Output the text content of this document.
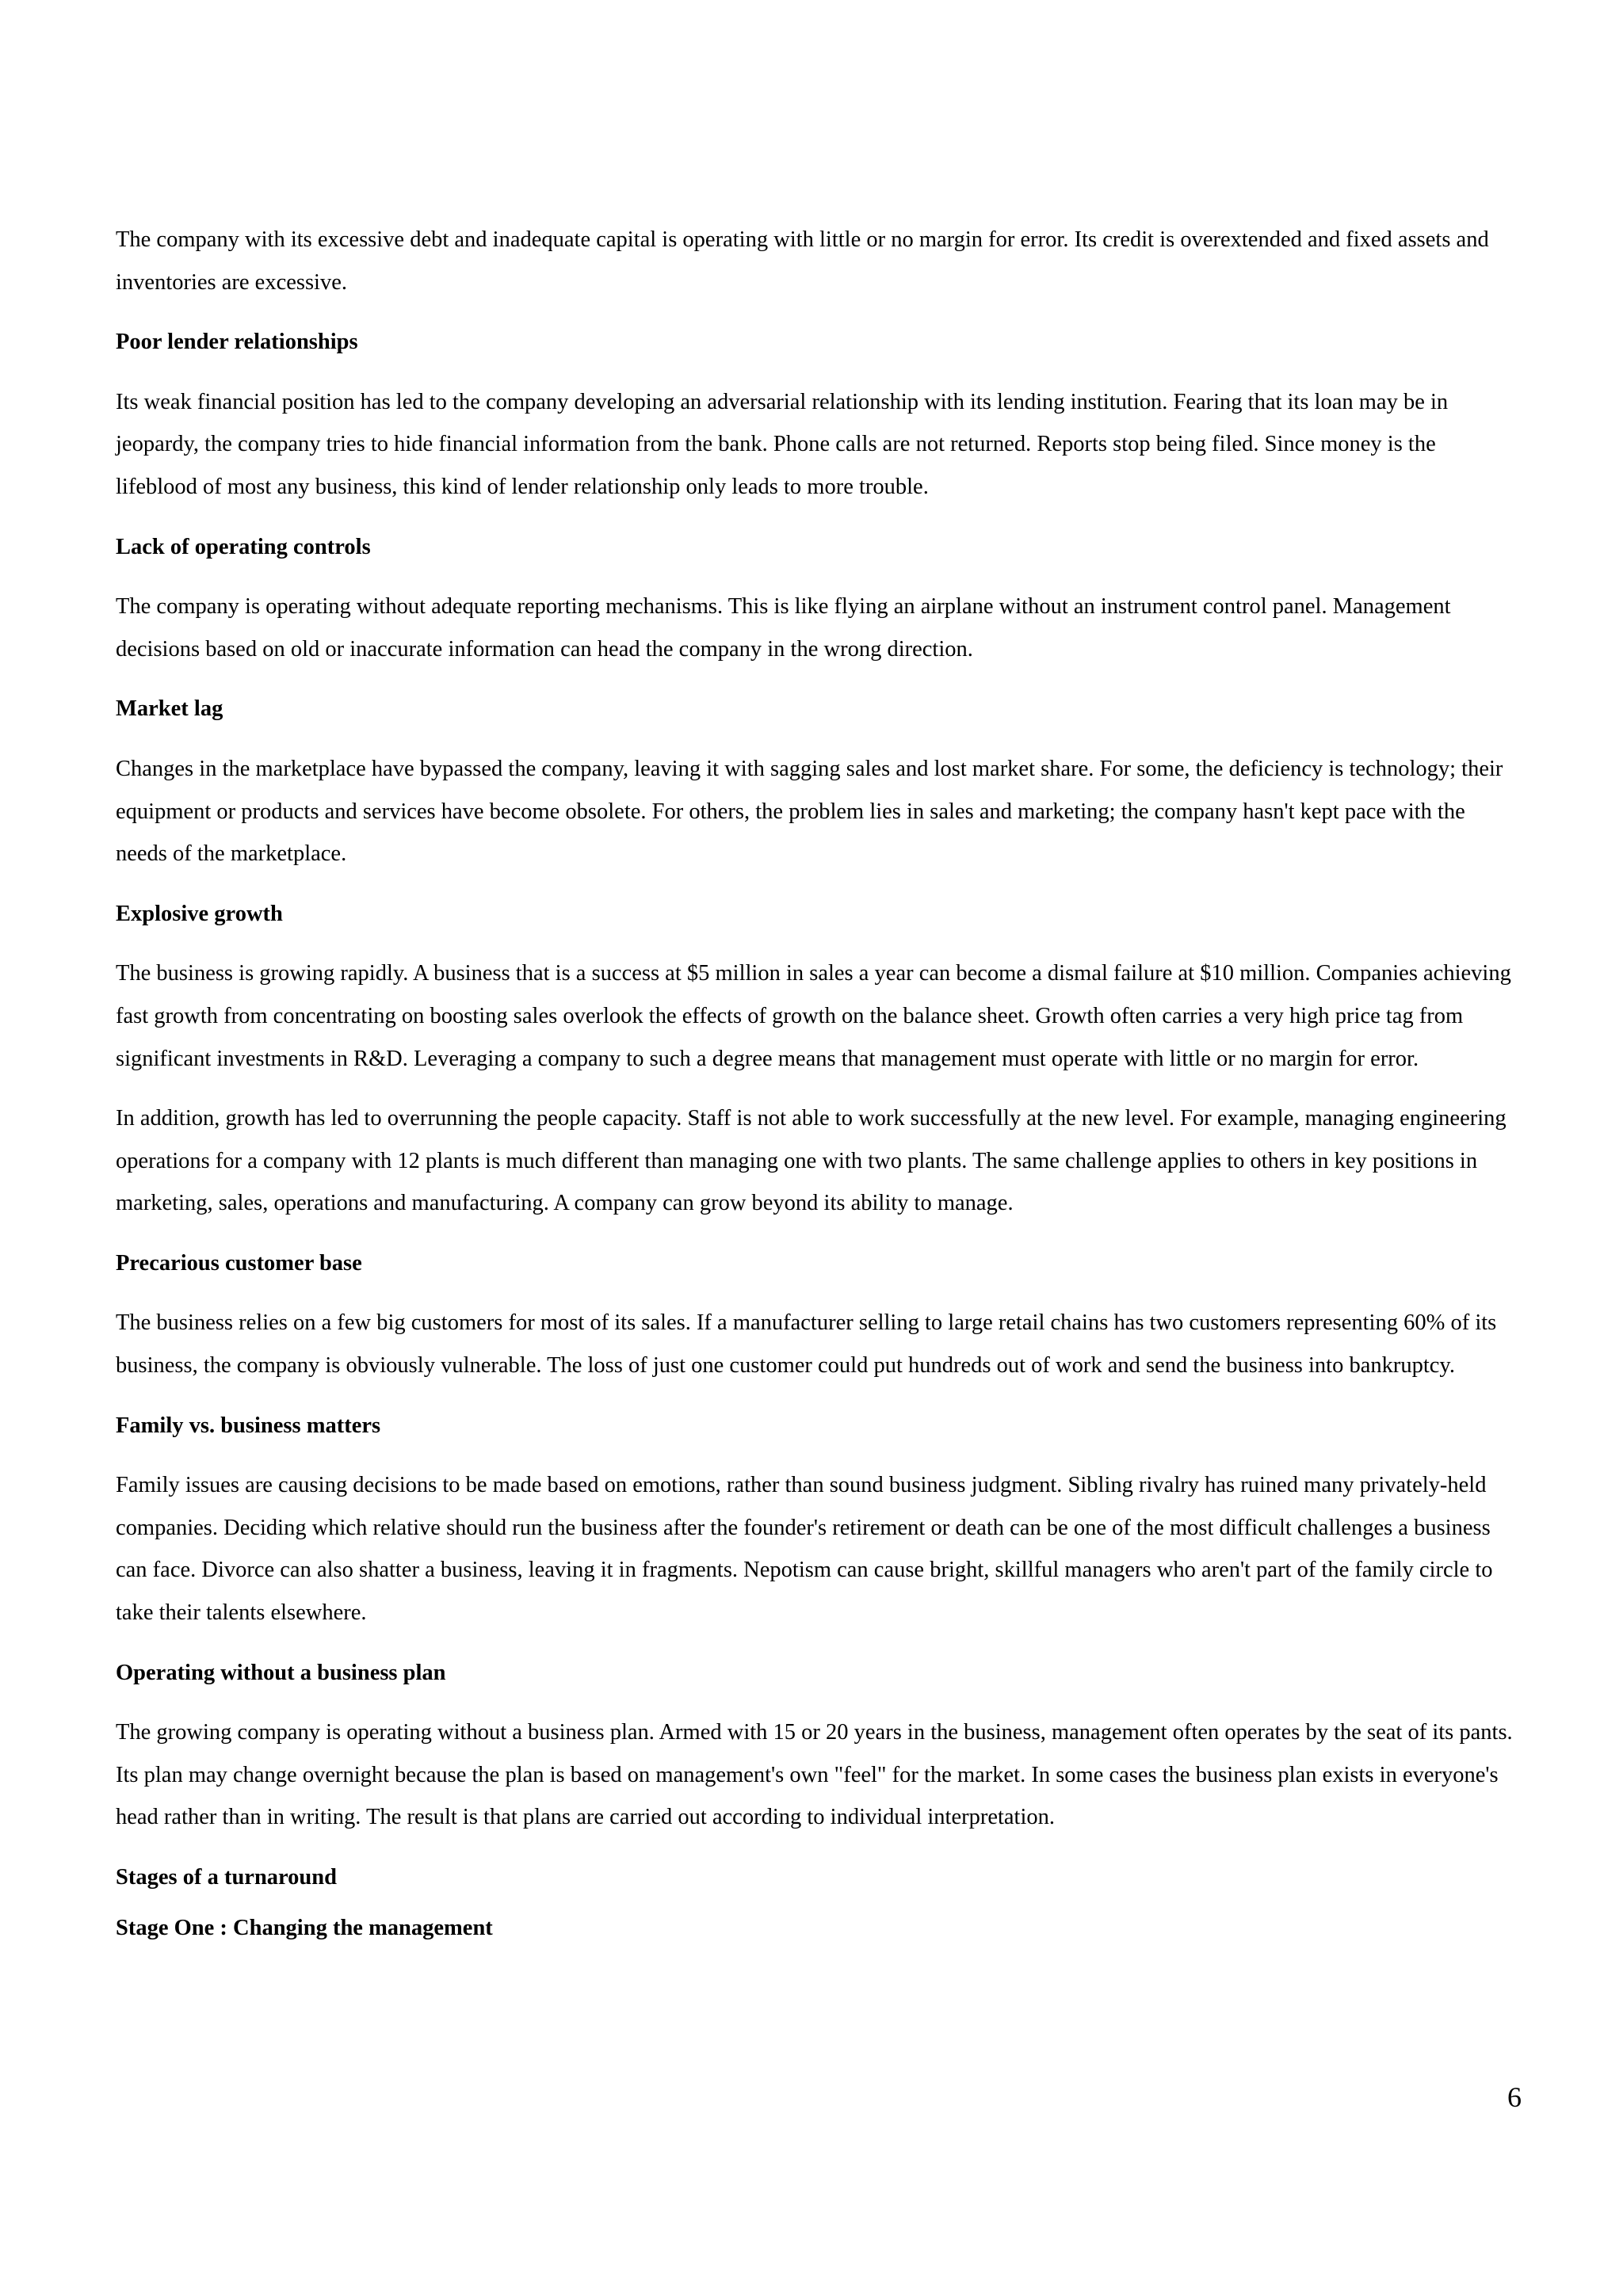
The company with its excessive debt and inadequate capital is operating with little or no margin for error. Its credit is overextended and fixed assets and inventories are excessive.

Poor lender relationships

Its weak financial position has led to the company developing an adversarial relationship with its lending institution. Fearing that its loan may be in jeopardy, the company tries to hide financial information from the bank. Phone calls are not returned. Reports stop being filed. Since money is the lifeblood of most any business, this kind of lender relationship only leads to more trouble.

Lack of operating controls

The company is operating without adequate reporting mechanisms. This is like flying an airplane without an instrument control panel. Management decisions based on old or inaccurate information can head the company in the wrong direction.

Market lag

Changes in the marketplace have bypassed the company, leaving it with sagging sales and lost market share. For some, the deficiency is technology; their equipment or products and services have become obsolete. For others, the problem lies in sales and marketing; the company hasn't kept pace with the needs of the marketplace.

Explosive growth

The business is growing rapidly. A business that is a success at $5 million in sales a year can become a dismal failure at $10 million. Companies achieving fast growth from concentrating on boosting sales overlook the effects of growth on the balance sheet. Growth often carries a very high price tag from significant investments in R&D. Leveraging a company to such a degree means that management must operate with little or no margin for error.

In addition, growth has led to overrunning the people capacity. Staff is not able to work successfully at the new level. For example, managing engineering operations for a company with 12 plants is much different than managing one with two plants. The same challenge applies to others in key positions in marketing, sales, operations and manufacturing. A company can grow beyond its ability to manage.

Precarious customer base

The business relies on a few big customers for most of its sales. If a manufacturer selling to large retail chains has two customers representing 60% of its business, the company is obviously vulnerable. The loss of just one customer could put hundreds out of work and send the business into bankruptcy.

Family vs. business matters

Family issues are causing decisions to be made based on emotions, rather than sound business judgment. Sibling rivalry has ruined many privately-held companies. Deciding which relative should run the business after the founder's retirement or death can be one of the most difficult challenges a business can face. Divorce can also shatter a business, leaving it in fragments. Nepotism can cause bright, skillful managers who aren't part of the family circle to take their talents elsewhere.

Operating without a business plan

The growing company is operating without a business plan. Armed with 15 or 20 years in the business, management often operates by the seat of its pants. Its plan may change overnight because the plan is based on management's own "feel" for the market. In some cases the business plan exists in everyone's head rather than in writing. The result is that plans are carried out according to individual interpretation.

Stages of a turnaround

Stage One : Changing the management

6
